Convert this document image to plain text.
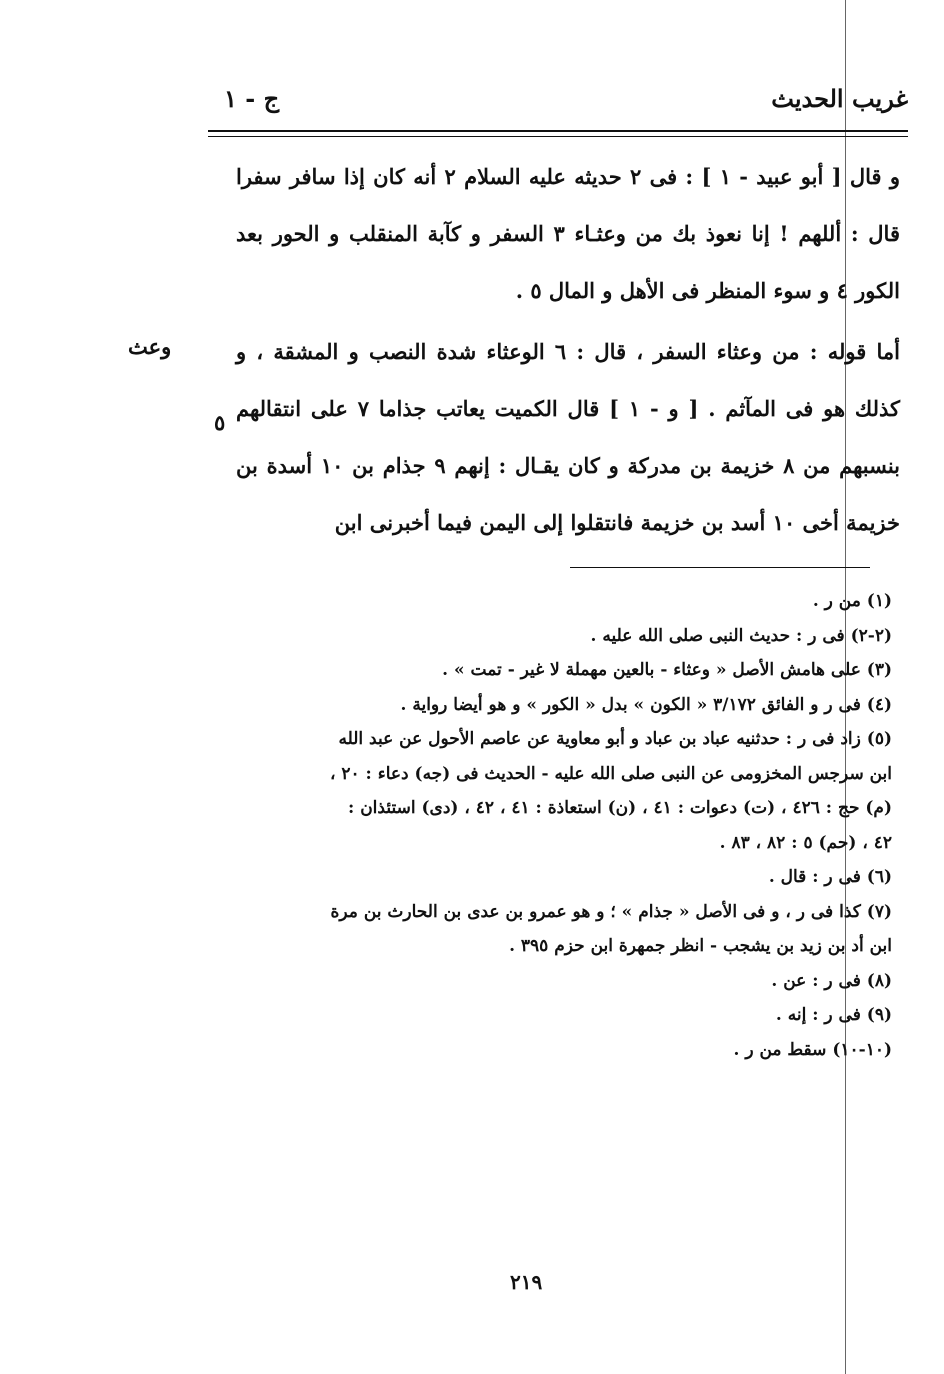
غريب الحديث
ج - ١

و قال [ أبو عبيد - ١ ] : فى ٢ حديثه عليه السلام ٢ أنه كان إذا سافر سفرا قال : أللهم ! إنا نعوذ بك من وعثـاء ٣ السفر و كآبة المنقلب و الحور بعد الكور ٤ و سوء المنظر فى الأهل و المال ٥ .

أما قوله : من وعثاء السفر ، قال : ٦ الوعثاء شدة النصب و المشقة ، و كذلك هو فى المآثم . [ و - ١ ] قال الكميت يعاتب جذاما ٧ على انتقالهم بنسبهم من ٨ خزيمة بن مدركة و كان يقـال : إنهم ٩ جذام بن ١٠ أسدة بن خزيمة أخى ١٠ أسد بن خزيمة فانتقلوا إلى اليمن فيما أخبرنى ابن

وعث
٥
(١) من ر .
(٢-٢) فى ر : حديث النبى صلى الله عليه .
(٣) على هامش الأصل « وعثاء - بالعين مهملة لا غير - تمت » .
(٤) فى ر و الفائق ٣/١٧٢ « الكون » بدل « الكور » و هو أيضا رواية .
(٥) زاد فى ر : حدثنيه عباد بن عباد و أبو معاوية عن عاصم الأحول عن عبد الله
ابن سرجس المخزومى عن النبى صلى الله عليه - الحديث فى (جه) دعاء : ٢٠ ،
(م) حج : ٤٢٦ ، (ت) دعوات : ٤١ ، (ن) استعاذة : ٤١ ، ٤٢ ، (دى) استئذان :
٤٢ ، (حم) ٥ : ٨٢ ، ٨٣ .
(٦) فى ر : قال .
(٧) كذا فى ر ، و فى الأصل « جذام » ؛ و هو عمرو بن عدى بن الحارث بن مرة
ابن أد بن زيد بن يشجب - انظر جمهرة ابن حزم ٣٩٥ .
(٨) فى ر : عن .
(٩) فى ر : إنه .
(١٠-١٠) سقط من ر .
٢١٩
